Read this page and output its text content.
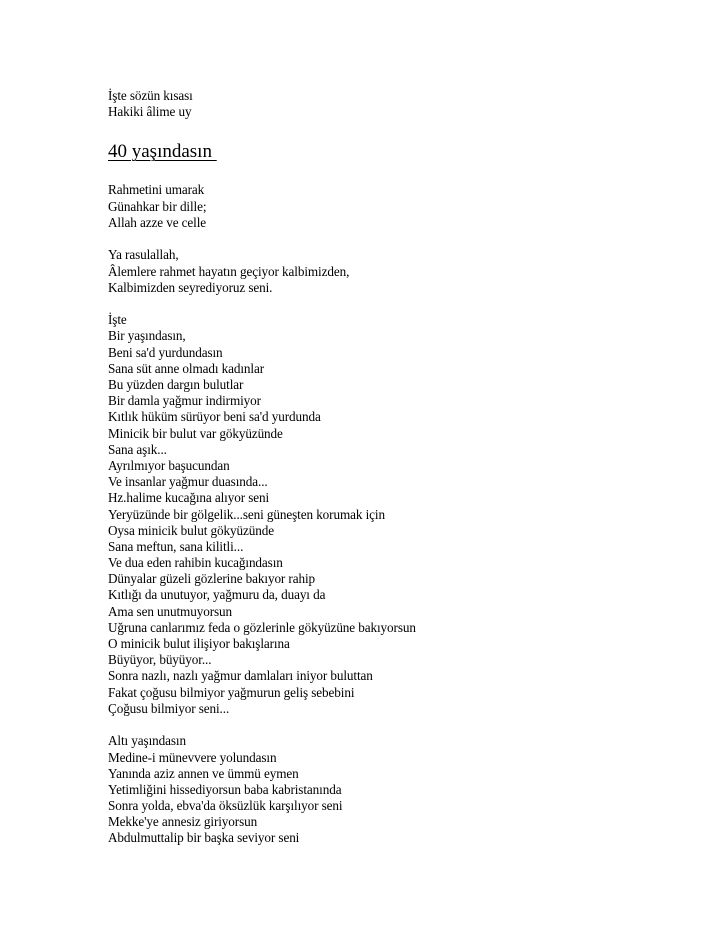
İşte sözün kısası
Hakiki âlime uy
40 yaşındasın
Rahmetini umarak
Günahkar bir dille;
Allah azze ve celle
Ya rasulallah,
Âlemlere rahmet hayatın geçiyor kalbimizden,
Kalbimizden seyrediyoruz seni.
İşte
Bir yaşındasın,
Beni sa'd yurdundasın
Sana süt anne olmadı kadınlar
Bu yüzden dargın bulutlar
Bir damla yağmur indirmiyor
Kıtlık hüküm sürüyor beni sa'd yurdunda
Minicik bir bulut var gökyüzünde
Sana aşık...
Ayrılmıyor başucundan
Ve insanlar yağmur duasında...
Hz.halime kucağına alıyor seni
Yeryüzünde bir gölgelik...seni güneşten korumak için
Oysa minicik bulut gökyüzünde
Sana meftun, sana kilitli...
Ve dua eden rahibin kucağındasın
Dünyalar güzeli gözlerine bakıyor rahip
Kıtlığı da unutuyor, yağmuru da, duayı da
Ama sen unutmuyorsun
Uğruna canlarımız feda o gözlerinle gökyüzüne bakıyorsun
O minicik bulut ilişiyor bakışlarına
Büyüyor, büyüyor...
Sonra nazlı, nazlı yağmur damlaları iniyor buluttan
Fakat çoğusu bilmiyor yağmurun geliş sebebini
Çoğusu bilmiyor seni...
Altı yaşındasın
Medine-i münevvere yolundasın
Yanında aziz annen ve ümmü eymen
Yetimliğini hissediyorsun baba kabristanında
Sonra yolda, ebva'da öksüzlük karşılıyor seni
Mekke'ye annesiz giriyorsun
Abdulmuttalip bir başka seviyor seni
